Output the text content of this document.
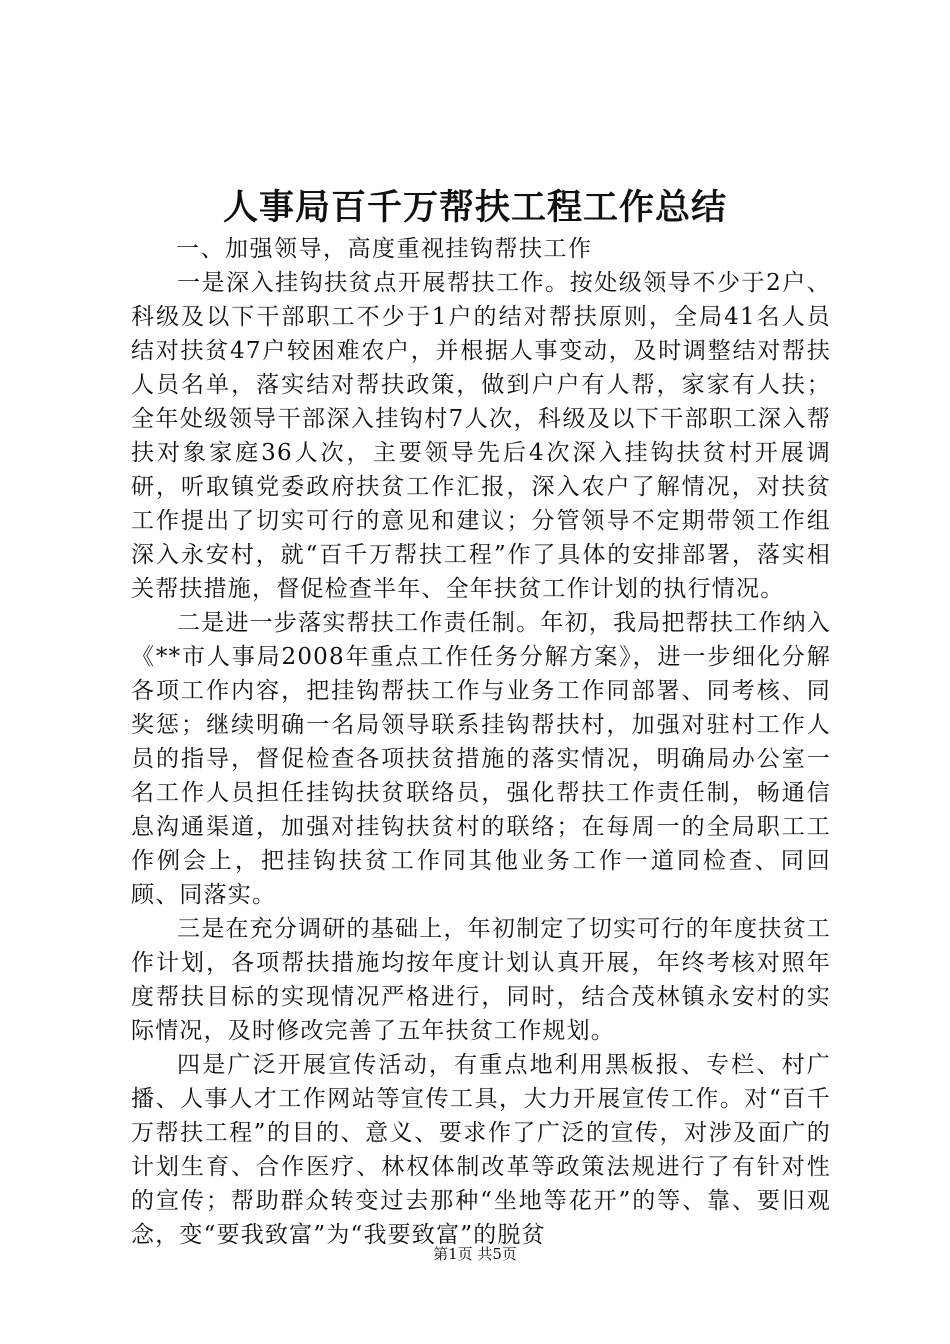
人事局百千万帮扶工程工作总结

一、加强领导，高度重视挂钩帮扶工作

一是深入挂钩扶贫点开展帮扶工作。按处级领导不少于2户、科级及以下干部职工不少于1户的结对帮扶原则，全局41名人员结对扶贫47户较困难农户，并根据人事变动，及时调整结对帮扶人员名单，落实结对帮扶政策，做到户户有人帮，家家有人扶；全年处级领导干部深入挂钩村7人次，科级及以下干部职工深入帮扶对象家庭36人次，主要领导先后4次深入挂钩扶贫村开展调研，听取镇党委政府扶贫工作汇报，深入农户了解情况，对扶贫工作提出了切实可行的意见和建议；分管领导不定期带领工作组深入永安村，就“百千万帮扶工程”作了具体的安排部署，落实相关帮扶措施，督促检查半年、全年扶贫工作计划的执行情况。

二是进一步落实帮扶工作责任制。年初，我局把帮扶工作纳入《**市人事局2008年重点工作任务分解方案》，进一步细化分解各项工作内容，把挂钩帮扶工作与业务工作同部署、同考核、同奖惩；继续明确一名局领导联系挂钩帮扶村，加强对驻村工作人员的指导，督促检查各项扶贫措施的落实情况，明确局办公室一名工作人员担任挂钩扶贫联络员，强化帮扶工作责任制，畅通信息沟通渠道，加强对挂钩扶贫村的联络；在每周一的全局职工工作例会上，把挂钩扶贫工作同其他业务工作一道同检查、同回顾、同落实。

三是在充分调研的基础上，年初制定了切实可行的年度扶贫工作计划，各项帮扶措施均按年度计划认真开展，年终考核对照年度帮扶目标的实现情况严格进行，同时，结合茂林镇永安村的实际情况，及时修改完善了五年扶贫工作规划。

四是广泛开展宣传活动，有重点地利用黑板报、专栏、村广播、人事人才工作网站等宣传工具，大力开展宣传工作。对“百千万帮扶工程”的目的、意义、要求作了广泛的宣传，对涉及面广的计划生育、合作医疗、林权体制改革等政策法规进行了有针对性的宣传；帮助群众转变过去那种“坐地等花开”的等、靠、要旧观念，变“要我致富”为“我要致富”的脱贫

第1页 共5页
